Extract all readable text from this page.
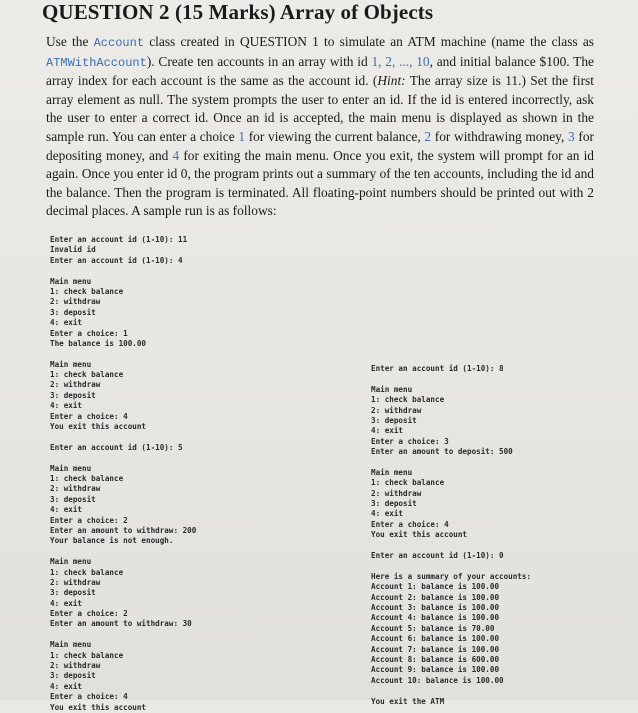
QUESTION 2 (15 Marks) Array of Objects
Use the Account class created in QUESTION 1 to simulate an ATM machine (name the class as ATMWithAccount). Create ten accounts in an array with id 1, 2, ..., 10, and initial balance $100. The array index for each account is the same as the account id. (Hint: The array size is 11.) Set the first array element as null. The system prompts the user to enter an id. If the id is entered incorrectly, ask the user to enter a correct id. Once an id is accepted, the main menu is displayed as shown in the sample run. You can enter a choice 1 for viewing the current balance, 2 for withdrawing money, 3 for depositing money, and 4 for exiting the main menu. Once you exit, the system will prompt for an id again. Once you enter id 0, the program prints out a summary of the ten accounts, including the id and the balance. Then the program is terminated. All floating-point numbers should be printed out with 2 decimal places. A sample run is as follows:
Enter an account id (1-10): 11
Invalid id
Enter an account id (1-10): 4
Main menu
1: check balance
2: withdraw
3: deposit
4: exit
Enter a choice: 1
The balance is 100.00
Main menu
1: check balance
2: withdraw
3: deposit
4: exit
Enter a choice: 4
You exit this account
Enter an account id (1-10): 5
Main menu
1: check balance
2: withdraw
3: deposit
4: exit
Enter a choice: 2
Enter an amount to withdraw: 200
Your balance is not enough.
Main menu
1: check balance
2: withdraw
3: deposit
4: exit
Enter a choice: 2
Enter an amount to withdraw: 30
Main menu
1: check balance
2: withdraw
3: deposit
4: exit
Enter a choice: 4
You exit this account
Enter an account id (1-10): 8
Main menu
1: check balance
2: withdraw
3: deposit
4: exit
Enter a choice: 3
Enter an amount to deposit: 500
Main menu
1: check balance
2: withdraw
3: deposit
4: exit
Enter a choice: 4
You exit this account
Enter an account id (1-10): 0
Here is a summary of your accounts:
Account 1: balance is 100.00
Account 2: balance is 100.00
Account 3: balance is 100.00
Account 4: balance is 100.00
Account 5: balance is 70.00
Account 6: balance is 100.00
Account 7: balance is 100.00
Account 8: balance is 600.00
Account 9: balance is 100.00
Account 10: balance is 100.00
You exit the ATM
